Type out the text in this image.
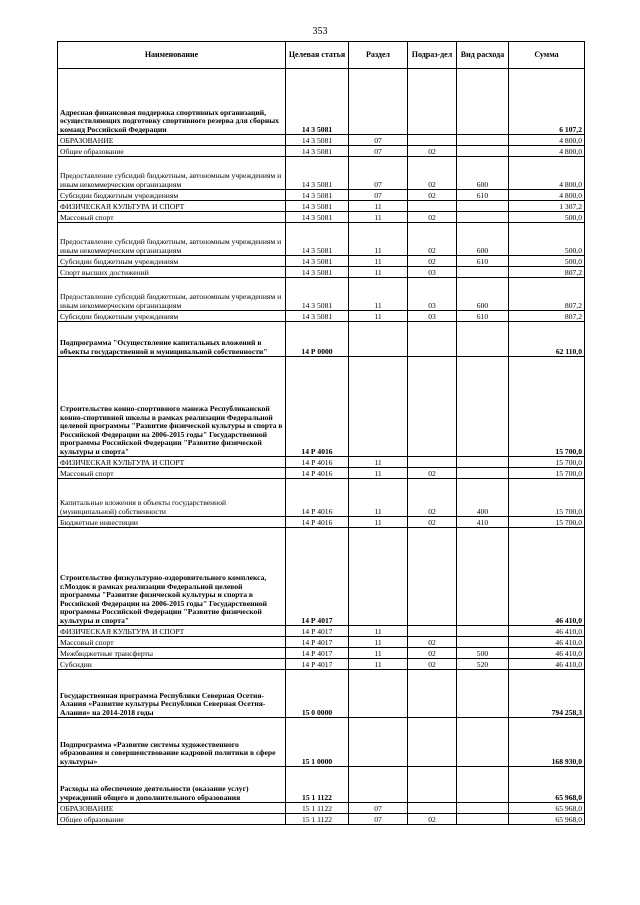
353
Наименование	Целевая статья	Раздел	Подраз-дел	Вид расхода	Сумма
Адресная финансовая поддержка спортивных организаций, осуществляющих подготовку спортивного резерва для сборных команд Российской Федерации	14 3 5081				6 107,2
ОБРАЗОВАНИЕ	14 3 5081	07			4 800,0
Общее образование	14 3 5081	07	02		4 800,0
Предоставление субсидий бюджетным, автономным учреждениям и иным некоммерческим организациям	14 3 5081	07	02	600	4 800,0
Субсидии бюджетным учреждениям	14 3 5081	07	02	610	4 800,0
ФИЗИЧЕСКАЯ КУЛЬТУРА И СПОРТ	14 3 5081	11			1 307,2
Массовый спорт	14 3 5081	11	02		500,0
Предоставление субсидий бюджетным, автономным учреждениям и иным некоммерческим организациям	14 3 5081	11	02	600	500,0
Субсидии бюджетным учреждениям	14 3 5081	11	02	610	500,0
Спорт высших достижений	14 3 5081	11	03		807,2
Предоставление субсидий бюджетным, автономным учреждениям и иным некоммерческим организациям	14 3 5081	11	03	600	807,2
Субсидии бюджетным учреждениям	14 3 5081	11	03	610	807,2
Подпрограмма "Осуществление капитальных вложений в объекты государственной и муниципальной собственности"	14 Р 0000				62 110,0
Строительство конно-спортивного манежа Республиканской конно-спортивной школы в рамках реализации Федеральной целевой программы "Развитие физической культуры и спорта в Российской Федерации на 2006-2015 годы" Государственной программы Российской Федерации "Развитие физической культуры и спорта"	14 Р 4016				15 700,0
ФИЗИЧЕСКАЯ КУЛЬТУРА И СПОРТ	14 Р 4016	11			15 700,0
Массовый спорт	14 Р 4016	11	02		15 700,0
Капитальные вложения в объекты государственной (муниципальной) собственности	14 Р 4016	11	02	400	15 700,0
Бюджетные инвестиции	14 Р 4016	11	02	410	15 700,0
Строительство физкультурно-оздоровительного комплекса, г.Моздок в рамках реализации Федеральной целевой программы "Развитие физической культуры и спорта в Российской Федерации на 2006-2015 годы" Государственной программы Российской Федерации "Развитие физической культуры и спорта"	14 Р 4017				46 410,0
ФИЗИЧЕСКАЯ КУЛЬТУРА И СПОРТ	14 Р 4017	11			46 410,0
Массовый спорт	14 Р 4017	11	02		46 410,0
Межбюджетные трансферты	14 Р 4017	11	02	500	46 410,0
Субсидии	14 Р 4017	11	02	520	46 410,0
Государственная программа Республики Северная Осетия-Алания «Развитие культуры Республики Северная Осетия-Алания» на 2014-2018 годы	15 0 0000				794 258,3
Подпрограмма «Развитие системы художественного образования и совершенствование кадровой политики в сфере культуры»	15 1 0000				168 930,0
Расходы на обеспечение деятельности (оказание услуг) учреждений общего и дополнительного образования	15 1 1122				65 968,0
ОБРАЗОВАНИЕ	15 1 1122	07			65 968,0
Общее образование	15 1 1122	07	02		65 968,0
